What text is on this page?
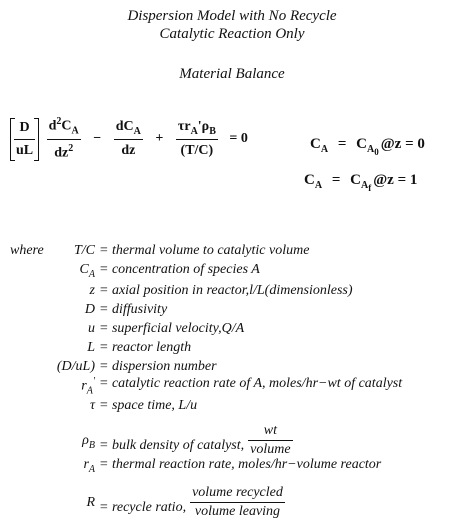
Dispersion Model with No Recycle
Catalytic Reaction Only
Material Balance
$\frac{D}{uL}$
$\frac{d^2C_A}{dz^2} - \frac{dC_A}{dz} + \frac{\tau r_A'\rho_B}{(T/C)} = 0$	$C_A = C_{A_0}$ @z = 0
$C_A = C_{A_f}$ @z = 1
where T/C = thermal volume to catalytic volume
$C_A$ = concentration of species A
z = axial position in reactor,l/L(dimensionless)
D = diffusivity
u = superficial velocity,Q/A
L = reactor length
(D/uL) = dispersion number
$r_A'$ = catalytic reaction rate of A, moles/hr−wt of catalyst
τ = space time, L/u
$\rho_B$ = bulk density of catalyst, $\frac{wt}{\text{volume}}$
$r_A$ = thermal reaction rate, moles/hr−volume reactor
R = recycle ratio, $\frac{\text{volume recycled}}{\text{volume leaving}}$
